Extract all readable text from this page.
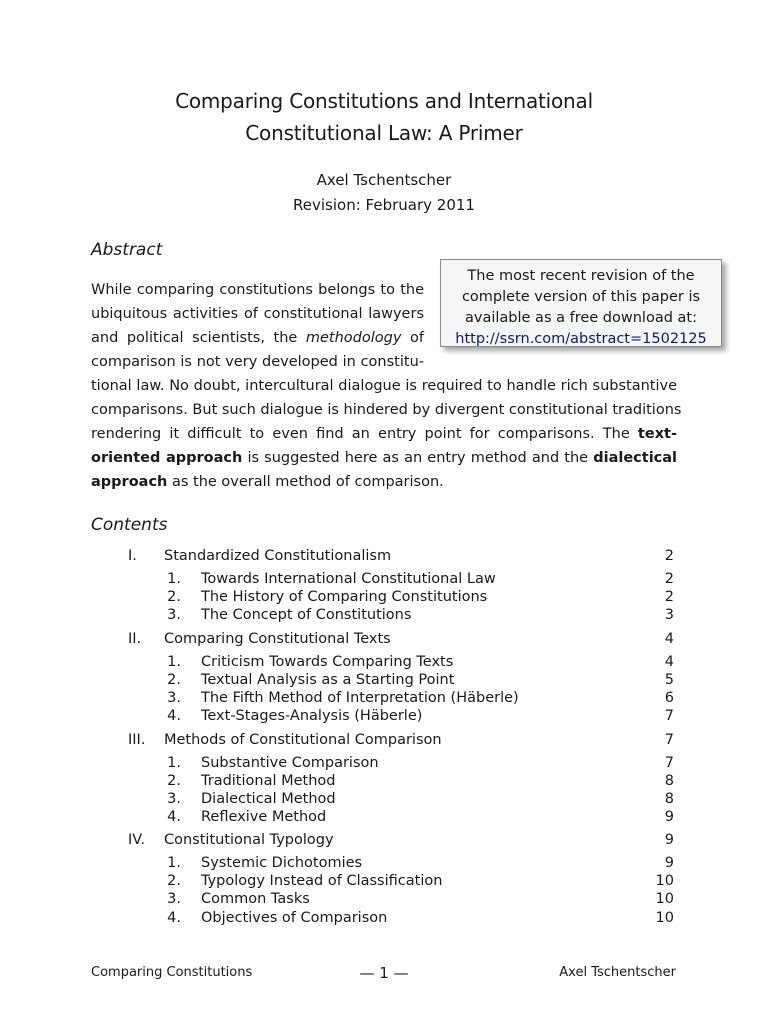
Comparing Constitutions and International
Constitutional Law: A Primer
Axel Tschentscher
Revision: February 2011
Abstract
The most recent revision of the
complete version of this paper is
available as a free download at:
http://ssrn.com/abstract=1502125
While comparing constitutions belongs to the
ubiquitous activities of constitutional lawyers
and political scientists, the methodology of
comparison is not very developed in constitu-
tional law. No doubt, intercultural dialogue is required to handle rich substantive
comparisons. But such dialogue is hindered by divergent constitutional traditions
rendering it difficult to even find an entry point for comparisons. The text-
oriented approach is suggested here as an entry method and the dialectical
approach as the overall method of comparison.
Contents
I. Standardized Constitutionalism	2
1. Towards International Constitutional Law	2
2. The History of Comparing Constitutions	2
3. The Concept of Constitutions	3
II. Comparing Constitutional Texts	4
1. Criticism Towards Comparing Texts	4
2. Textual Analysis as a Starting Point	5
3. The Fifth Method of Interpretation (Häberle)	6
4. Text-Stages-Analysis (Häberle)	7
III. Methods of Constitutional Comparison	7
1. Substantive Comparison	7
2. Traditional Method	8
3. Dialectical Method	8
4. Reflexive Method	9
IV. Constitutional Typology	9
1. Systemic Dichotomies	9
2. Typology Instead of Classification	10
3. Common Tasks	10
4. Objectives of Comparison	10
Comparing Constitutions	— 1 —	Axel Tschentscher
